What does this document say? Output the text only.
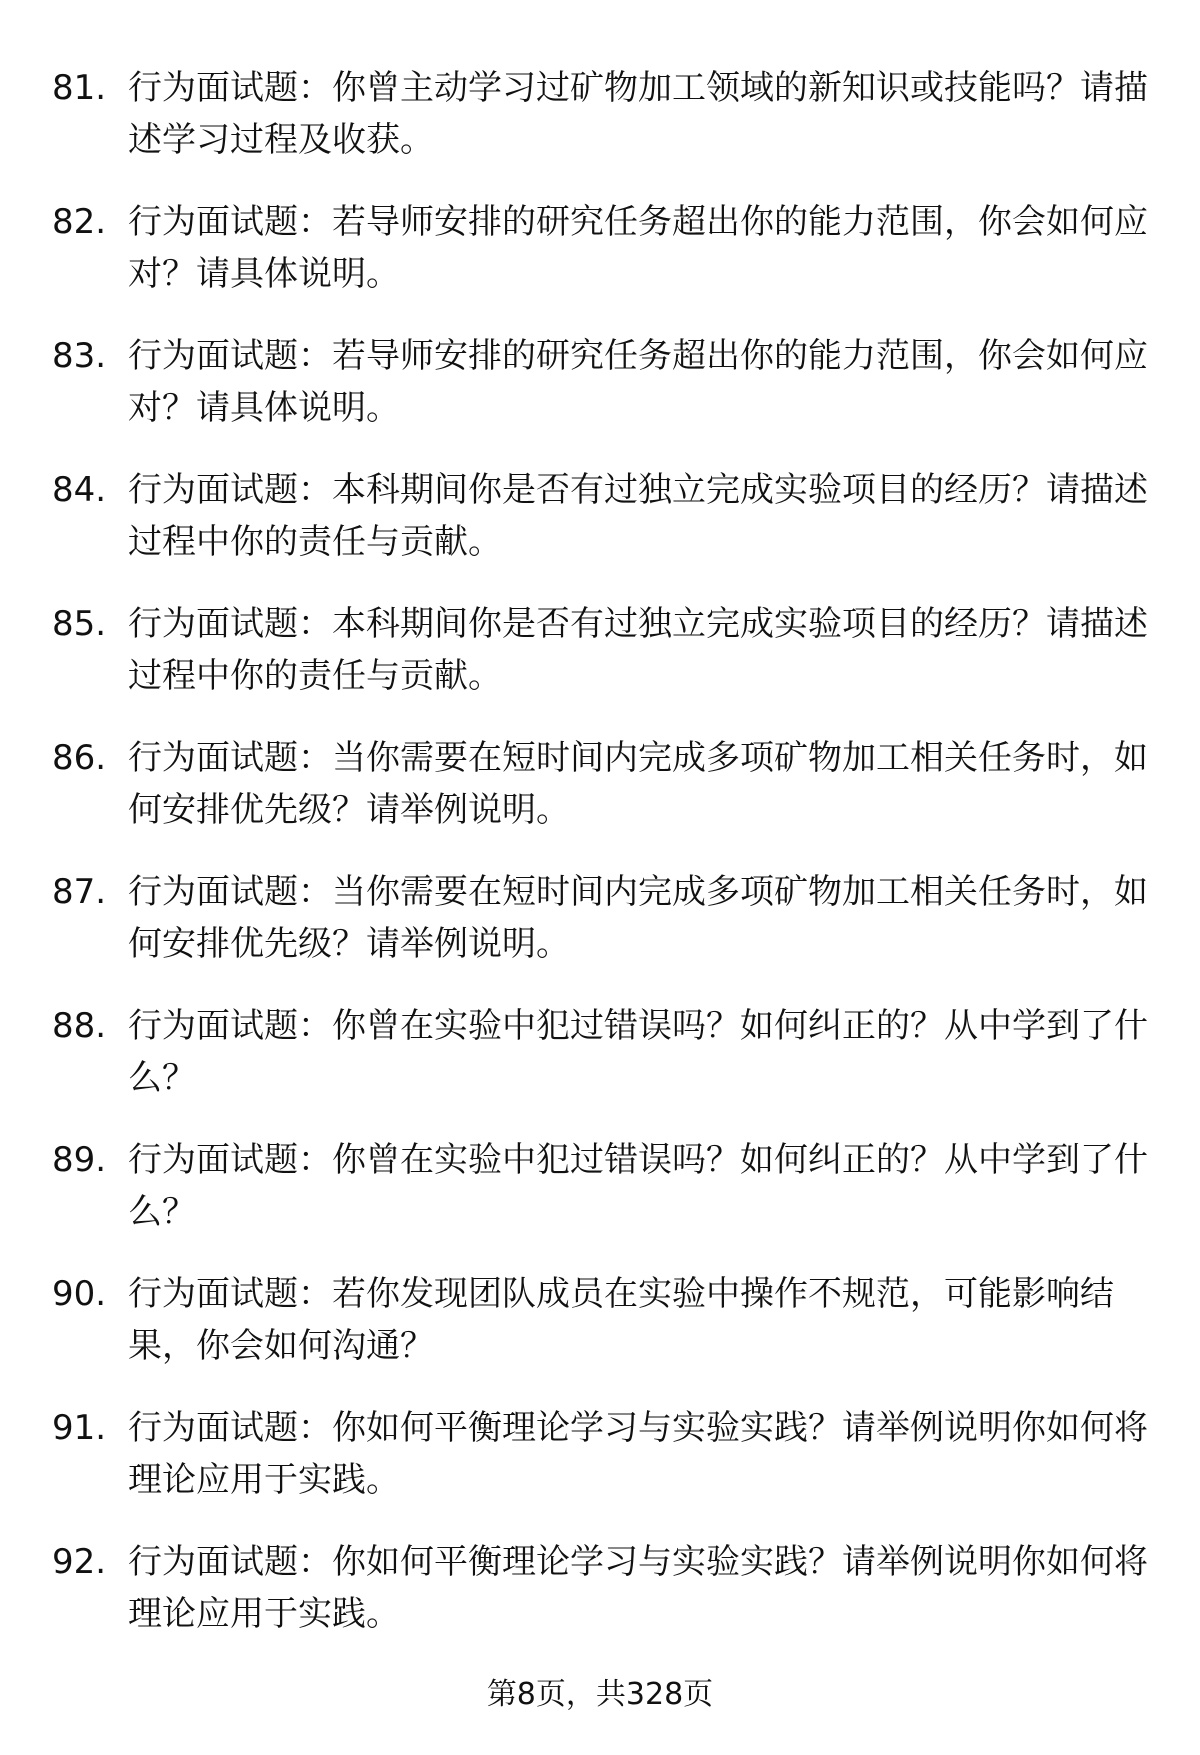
81. 行为面试题：你曾主动学习过矿物加工领域的新知识或技能吗？请描述学习过程及收获。
82. 行为面试题：若导师安排的研究任务超出你的能力范围，你会如何应对？请具体说明。
83. 行为面试题：若导师安排的研究任务超出你的能力范围，你会如何应对？请具体说明。
84. 行为面试题：本科期间你是否有过独立完成实验项目的经历？请描述过程中你的责任与贡献。
85. 行为面试题：本科期间你是否有过独立完成实验项目的经历？请描述过程中你的责任与贡献。
86. 行为面试题：当你需要在短时间内完成多项矿物加工相关任务时，如何安排优先级？请举例说明。
87. 行为面试题：当你需要在短时间内完成多项矿物加工相关任务时，如何安排优先级？请举例说明。
88. 行为面试题：你曾在实验中犯过错误吗？如何纠正的？从中学到了什么？
89. 行为面试题：你曾在实验中犯过错误吗？如何纠正的？从中学到了什么？
90. 行为面试题：若你发现团队成员在实验中操作不规范，可能影响结果，你会如何沟通？
91. 行为面试题：你如何平衡理论学习与实验实践？请举例说明你如何将理论应用于实践。
92. 行为面试题：你如何平衡理论学习与实验实践？请举例说明你如何将理论应用于实践。
第8页，共328页
